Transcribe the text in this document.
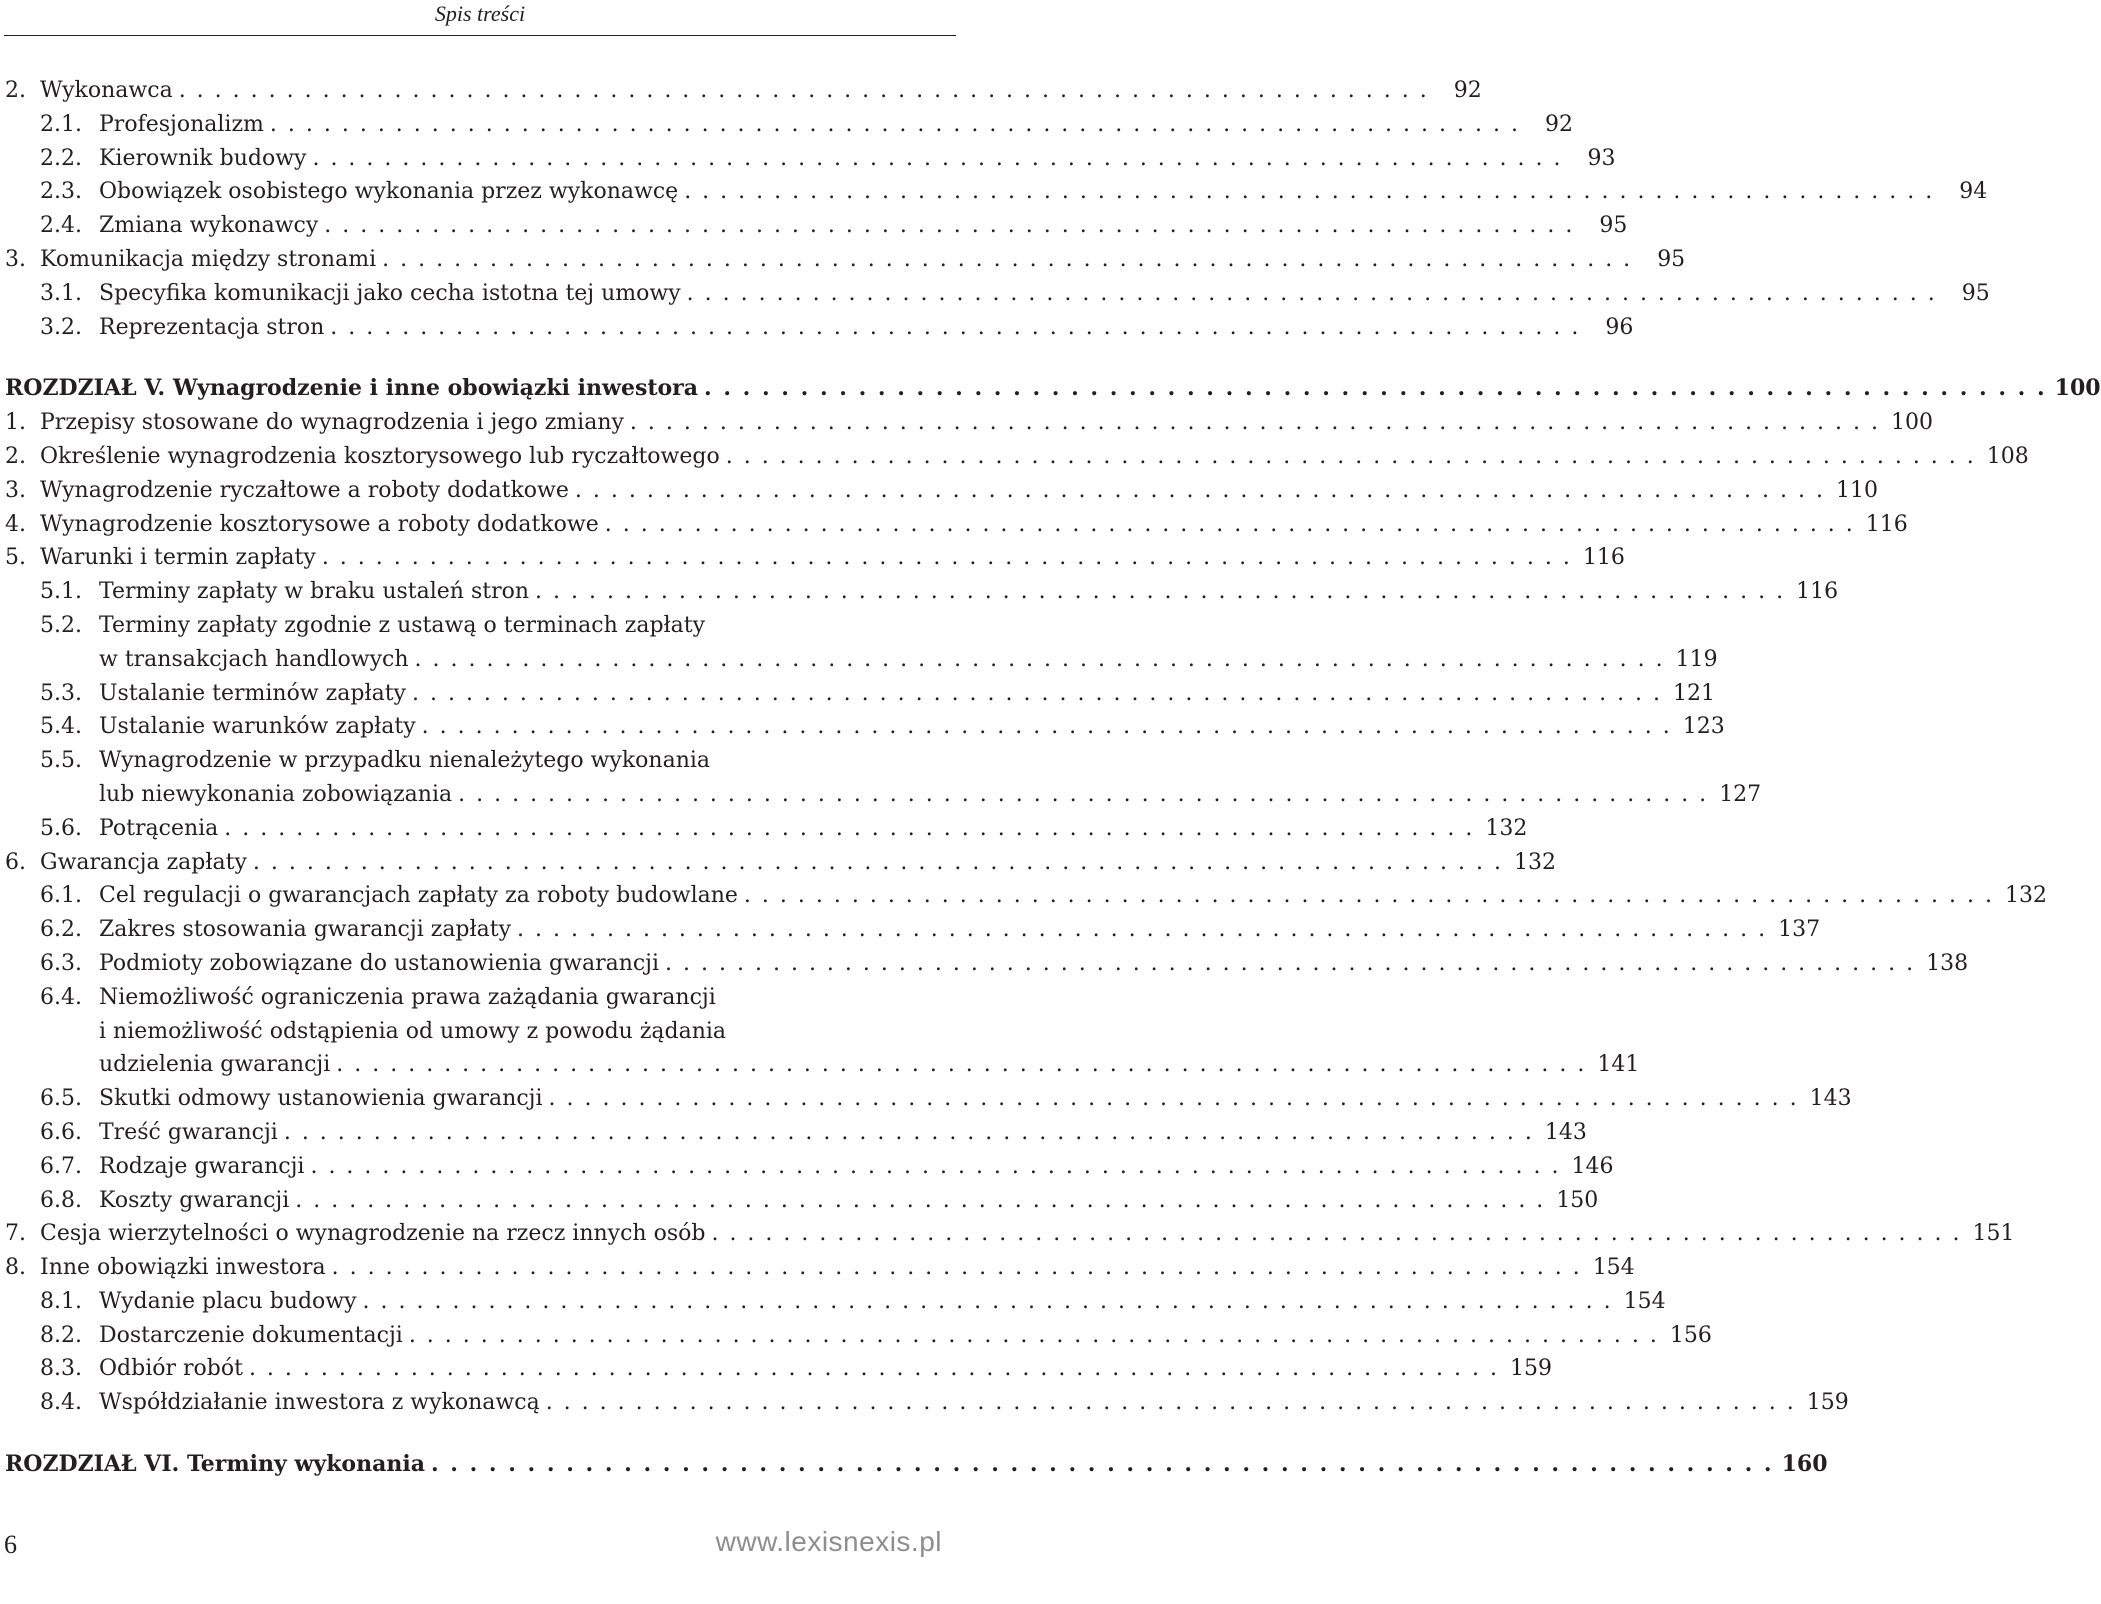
Spis treści
2. Wykonawca . . . . . . . . . . . . . . . . . . . . . . . . . . . . . . . . . . . . . . . . . . . . . . . . . . . . . . . . . . . . . . . . . . . . . .	92
2.1. Profesjonalizm . . . . . . . . . . . . . . . . . . . . . . . . . . . . . . . . . . . . . . . . . . . . . . . . . . . . . . . . . . . . . . . . . . . . . .	92
2.2. Kierownik budowy . . . . . . . . . . . . . . . . . . . . . . . . . . . . . . . . . . . . . . . . . . . . . . . . . . . . . . . . . . . . . . . . . . . . . .	93
2.3. Obowiązek osobistego wykonania przez wykonawcę . . . . . . . . . . . . . . . . . . . . . . . . . . . . . . . . . . . . . . . . . . . . . . . . . . . . . . . . . . . . . . . . . . . . . .	94
2.4. Zmiana wykonawcy . . . . . . . . . . . . . . . . . . . . . . . . . . . . . . . . . . . . . . . . . . . . . . . . . . . . . . . . . . . . . . . . . . . . . .	95
3. Komunikacja między stronami . . . . . . . . . . . . . . . . . . . . . . . . . . . . . . . . . . . . . . . . . . . . . . . . . . . . . . . . . . . . . . . . . . . . . .	95
3.1. Specyfika komunikacji jako cecha istotna tej umowy . . . . . . . . . . . . . . . . . . . . . . . . . . . . . . . . . . . . . . . . . . . . . . . . . . . . . . . . . . . . . . . . . . . . . .	95
3.2. Reprezentacja stron . . . . . . . . . . . . . . . . . . . . . . . . . . . . . . . . . . . . . . . . . . . . . . . . . . . . . . . . . . . . . . . . . . . . . .	96
ROZDZIAŁ V. Wynagrodzenie i inne obowiązki inwestora . . . . . . . . . . . . . . . . . . . . . . . . . . . . . . . . . . . . . . . . . . . . . . . . . . . . . . . . . . . . . . . . . . . . . . 100
1. Przepisy stosowane do wynagrodzenia i jego zmiany . . . . . . . . . . . . . . . . . . . . . . . . . . . . . . . . . . . . . . . . . . . . . . . . . . . . . . . . . . . . . . . . . . . . . . 100
2. Określenie wynagrodzenia kosztorysowego lub ryczałtowego . . . . . . . . . . . . . . . . . . . . . . . . . . . . . . . . . . . . . . . . . . . . . . . . . . . . . . . . . . . . . . . . . . . . . . 108
3. Wynagrodzenie ryczałtowe a roboty dodatkowe . . . . . . . . . . . . . . . . . . . . . . . . . . . . . . . . . . . . . . . . . . . . . . . . . . . . . . . . . . . . . . . . . . . . . . 110
4. Wynagrodzenie kosztorysowe a roboty dodatkowe . . . . . . . . . . . . . . . . . . . . . . . . . . . . . . . . . . . . . . . . . . . . . . . . . . . . . . . . . . . . . . . . . . . . . . 116
5. Warunki i termin zapłaty . . . . . . . . . . . . . . . . . . . . . . . . . . . . . . . . . . . . . . . . . . . . . . . . . . . . . . . . . . . . . . . . . . . . . . 116
5.1. Terminy zapłaty w braku ustaleń stron . . . . . . . . . . . . . . . . . . . . . . . . . . . . . . . . . . . . . . . . . . . . . . . . . . . . . . . . . . . . . . . . . . . . . . 116
5.2. Terminy zapłaty zgodnie z ustawą o terminach zapłaty
w transakcjach handlowych . . . . . . . . . . . . . . . . . . . . . . . . . . . . . . . . . . . . . . . . . . . . . . . . . . . . . . . . . . . . . . . . . . . . . . 119
5.3. Ustalanie terminów zapłaty . . . . . . . . . . . . . . . . . . . . . . . . . . . . . . . . . . . . . . . . . . . . . . . . . . . . . . . . . . . . . . . . . . . . . . 121
5.4. Ustalanie warunków zapłaty . . . . . . . . . . . . . . . . . . . . . . . . . . . . . . . . . . . . . . . . . . . . . . . . . . . . . . . . . . . . . . . . . . . . . . 123
5.5. Wynagrodzenie w przypadku nienależytego wykonania
lub niewykonania zobowiązania . . . . . . . . . . . . . . . . . . . . . . . . . . . . . . . . . . . . . . . . . . . . . . . . . . . . . . . . . . . . . . . . . . . . . . 127
5.6. Potrącenia . . . . . . . . . . . . . . . . . . . . . . . . . . . . . . . . . . . . . . . . . . . . . . . . . . . . . . . . . . . . . . . . . . . . . . 132
6. Gwarancja zapłaty . . . . . . . . . . . . . . . . . . . . . . . . . . . . . . . . . . . . . . . . . . . . . . . . . . . . . . . . . . . . . . . . . . . . . . 132
6.1. Cel regulacji o gwarancjach zapłaty za roboty budowlane . . . . . . . . . . . . . . . . . . . . . . . . . . . . . . . . . . . . . . . . . . . . . . . . . . . . . . . . . . . . . . . . . . . . . . 132
6.2. Zakres stosowania gwarancji zapłaty . . . . . . . . . . . . . . . . . . . . . . . . . . . . . . . . . . . . . . . . . . . . . . . . . . . . . . . . . . . . . . . . . . . . . . 137
6.3. Podmioty zobowiązane do ustanowienia gwarancji . . . . . . . . . . . . . . . . . . . . . . . . . . . . . . . . . . . . . . . . . . . . . . . . . . . . . . . . . . . . . . . . . . . . . . 138
6.4. Niemożliwość ograniczenia prawa zażądania gwarancji
i niemożliwość odstąpienia od umowy z powodu żądania
udzielenia gwarancji . . . . . . . . . . . . . . . . . . . . . . . . . . . . . . . . . . . . . . . . . . . . . . . . . . . . . . . . . . . . . . . . . . . . . . 141
6.5. Skutki odmowy ustanowienia gwarancji . . . . . . . . . . . . . . . . . . . . . . . . . . . . . . . . . . . . . . . . . . . . . . . . . . . . . . . . . . . . . . . . . . . . . . 143
6.6. Treść gwarancji . . . . . . . . . . . . . . . . . . . . . . . . . . . . . . . . . . . . . . . . . . . . . . . . . . . . . . . . . . . . . . . . . . . . . . 143
6.7. Rodzaje gwarancji . . . . . . . . . . . . . . . . . . . . . . . . . . . . . . . . . . . . . . . . . . . . . . . . . . . . . . . . . . . . . . . . . . . . . . 146
6.8. Koszty gwarancji . . . . . . . . . . . . . . . . . . . . . . . . . . . . . . . . . . . . . . . . . . . . . . . . . . . . . . . . . . . . . . . . . . . . . . 150
7. Cesja wierzytelności o wynagrodzenie na rzecz innych osób . . . . . . . . . . . . . . . . . . . . . . . . . . . . . . . . . . . . . . . . . . . . . . . . . . . . . . . . . . . . . . . . . . . . . . 151
8. Inne obowiązki inwestora . . . . . . . . . . . . . . . . . . . . . . . . . . . . . . . . . . . . . . . . . . . . . . . . . . . . . . . . . . . . . . . . . . . . . . 154
8.1. Wydanie placu budowy . . . . . . . . . . . . . . . . . . . . . . . . . . . . . . . . . . . . . . . . . . . . . . . . . . . . . . . . . . . . . . . . . . . . . . 154
8.2. Dostarczenie dokumentacji . . . . . . . . . . . . . . . . . . . . . . . . . . . . . . . . . . . . . . . . . . . . . . . . . . . . . . . . . . . . . . . . . . . . . . 156
8.3. Odbiór robót . . . . . . . . . . . . . . . . . . . . . . . . . . . . . . . . . . . . . . . . . . . . . . . . . . . . . . . . . . . . . . . . . . . . . . 159
8.4. Współdziałanie inwestora z wykonawcą . . . . . . . . . . . . . . . . . . . . . . . . . . . . . . . . . . . . . . . . . . . . . . . . . . . . . . . . . . . . . . . . . . . . . . 159
ROZDZIAŁ VI. Terminy wykonania . . . . . . . . . . . . . . . . . . . . . . . . . . . . . . . . . . . . . . . . . . . . . . . . . . . . . . . . . . . . . . . . . . . . . . 160
6	www.lexisnexis.pl
